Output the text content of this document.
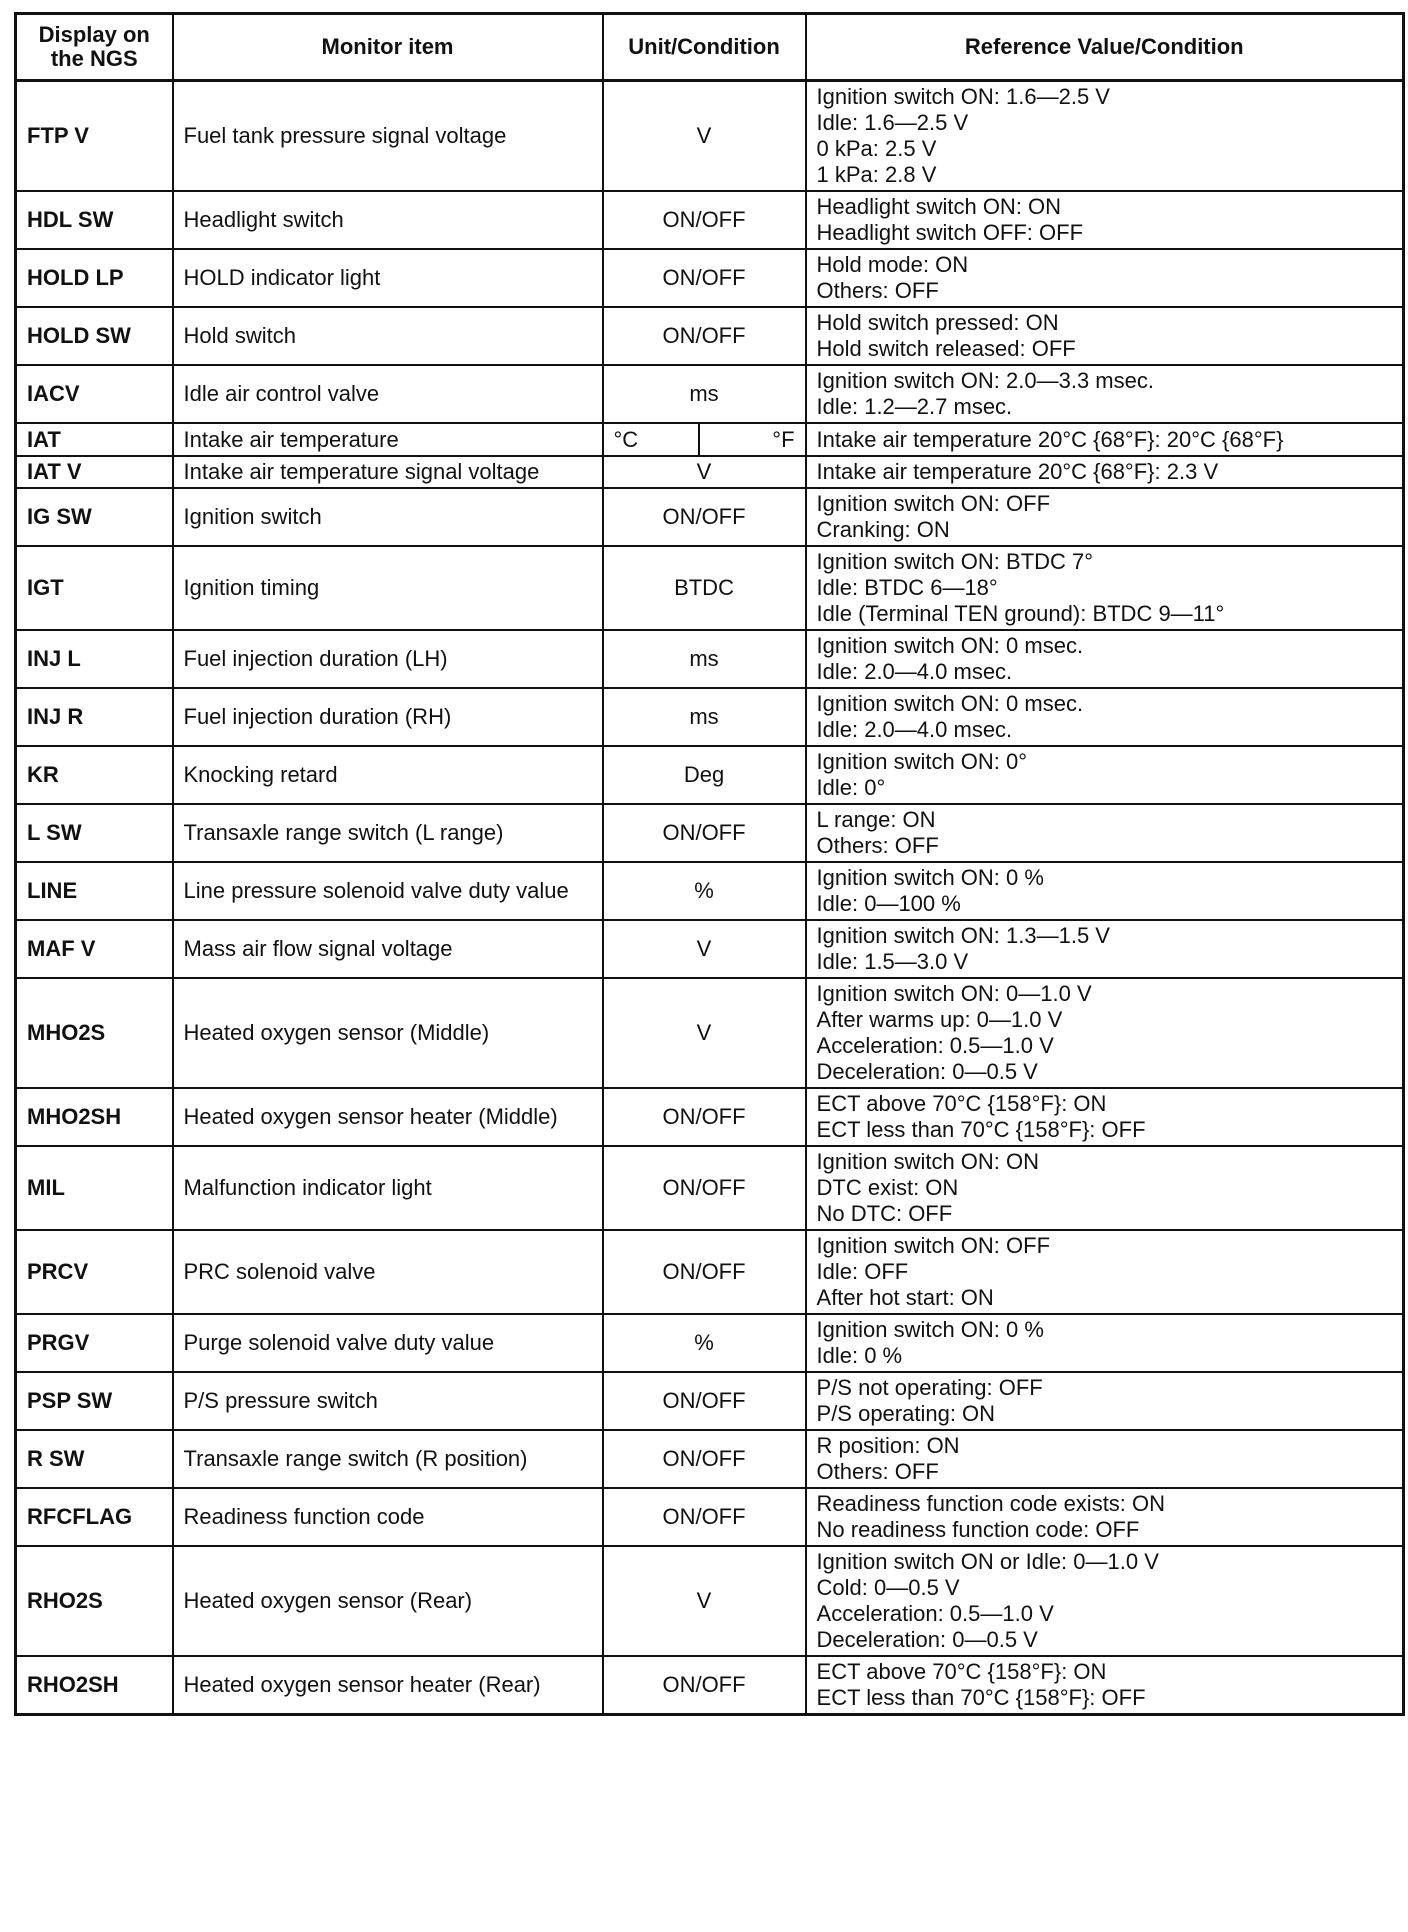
Display on the NGS	Monitor item	Unit/Condition		Reference Value/Condition
FTP V	Fuel tank pressure signal voltage	V		Ignition switch ON: 1.6—2.5 V
Idle: 1.6—2.5 V
0 kPa: 2.5 V
1 kPa: 2.8 V

HDL SW	Headlight switch	ON/OFF		Headlight switch ON: ON
Headlight switch OFF: OFF

HOLD LP	HOLD indicator light	ON/OFF		Hold mode: ON
Others: OFF

HOLD SW	Hold switch	ON/OFF		Hold switch pressed: ON
Hold switch released: OFF

IACV	Idle air control valve	ms		Ignition switch ON: 2.0—3.3 msec.
Idle: 1.2—2.7 msec.

IAT	Intake air temperature	°C	°F	Intake air temperature 20°C {68°F}: 20°C {68°F}

IAT V	Intake air temperature signal voltage	V		Intake air temperature 20°C {68°F}: 2.3 V

IG SW	Ignition switch	ON/OFF		Ignition switch ON: OFF
Cranking: ON

IGT	Ignition timing	BTDC		Ignition switch ON: BTDC 7°
Idle: BTDC 6—18°
Idle (Terminal TEN ground): BTDC 9—11°

INJ L	Fuel injection duration (LH)	ms		Ignition switch ON: 0 msec.
Idle: 2.0—4.0 msec.

INJ R	Fuel injection duration (RH)	ms		Ignition switch ON: 0 msec.
Idle: 2.0—4.0 msec.

KR	Knocking retard	Deg		Ignition switch ON: 0°
Idle: 0°

L SW	Transaxle range switch (L range)	ON/OFF		L range: ON
Others: OFF

LINE	Line pressure solenoid valve duty value	%		Ignition switch ON: 0 %
Idle: 0—100 %

MAF V	Mass air flow signal voltage	V		Ignition switch ON: 1.3—1.5 V
Idle: 1.5—3.0 V

MHO2S	Heated oxygen sensor (Middle)	V		Ignition switch ON: 0—1.0 V
After warms up: 0—1.0 V
Acceleration: 0.5—1.0 V
Deceleration: 0—0.5 V

MHO2SH	Heated oxygen sensor heater (Middle)	ON/OFF		ECT above 70°C {158°F}: ON
ECT less than 70°C {158°F}: OFF

MIL	Malfunction indicator light	ON/OFF		Ignition switch ON: ON
DTC exist: ON
No DTC: OFF

PRCV	PRC solenoid valve	ON/OFF		Ignition switch ON: OFF
Idle: OFF
After hot start: ON

PRGV	Purge solenoid valve duty value	%		Ignition switch ON: 0 %
Idle: 0 %

PSP SW	P/S pressure switch	ON/OFF		P/S not operating: OFF
P/S operating: ON

R SW	Transaxle range switch (R position)	ON/OFF		R position: ON
Others: OFF

RFCFLAG	Readiness function code	ON/OFF		Readiness function code exists: ON
No readiness function code: OFF

RHO2S	Heated oxygen sensor (Rear)	V		Ignition switch ON or Idle: 0—1.0 V
Cold: 0—0.5 V
Acceleration: 0.5—1.0 V
Deceleration: 0—0.5 V

RHO2SH	Heated oxygen sensor heater (Rear)	ON/OFF		ECT above 70°C {158°F}: ON
ECT less than 70°C {158°F}: OFF
